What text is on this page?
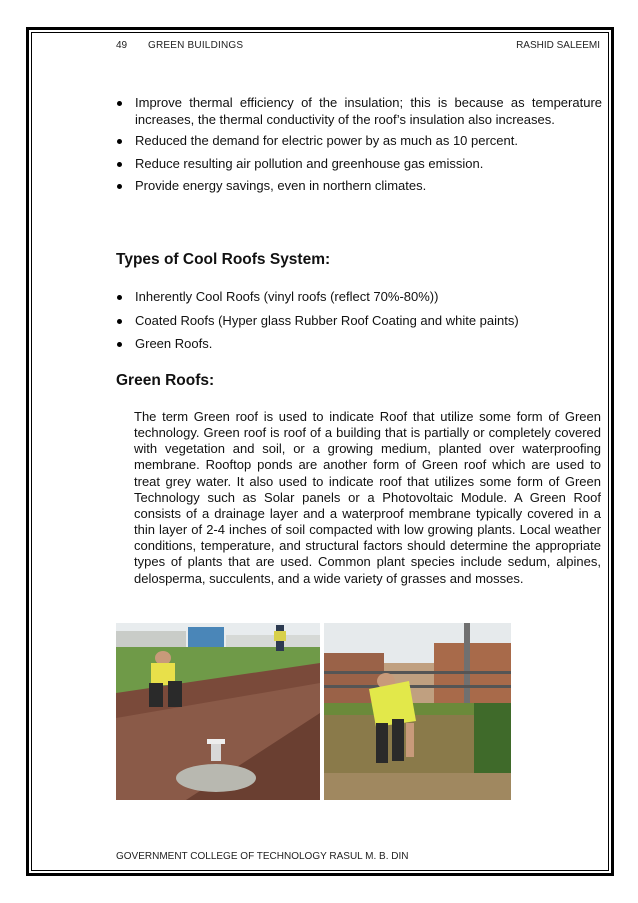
49 GREEN BUILDINGS	RASHID SALEEMI
Improve thermal efficiency of the insulation; this is because as temperature increases, the thermal conductivity of the roof’s insulation also increases.
Reduced the demand for electric power by as much as 10 percent.
Reduce resulting air pollution and greenhouse gas emission.
Provide energy savings, even in northern climates.
Types of Cool Roofs System:
Inherently Cool Roofs (vinyl roofs (reflect 70%-80%))
Coated Roofs (Hyper glass Rubber Roof Coating and white paints)
Green Roofs.
Green Roofs:

The term Green roof is used to indicate Roof that utilize some form of Green technology. Green roof is roof of a building that is partially or completely covered with vegetation and soil, or a growing medium, planted over waterproofing membrane. Rooftop ponds are another form of Green roof which are used to treat grey water. It also used to indicate roof that utilizes some form of Green Technology such as Solar panels or a Photovoltaic Module. A Green Roof consists of a drainage layer and a waterproof membrane typically covered in a thin layer of 2-4 inches of soil compacted with low growing plants. Local weather conditions, temperature, and structural factors should determine the appropriate types of plants that are used. Common plant species include sedum, alpines, delosperma, succulents, and a wide variety of grasses and mosses.

GOVERNMENT COLLEGE OF TECHNOLOGY RASUL M. B. DIN
